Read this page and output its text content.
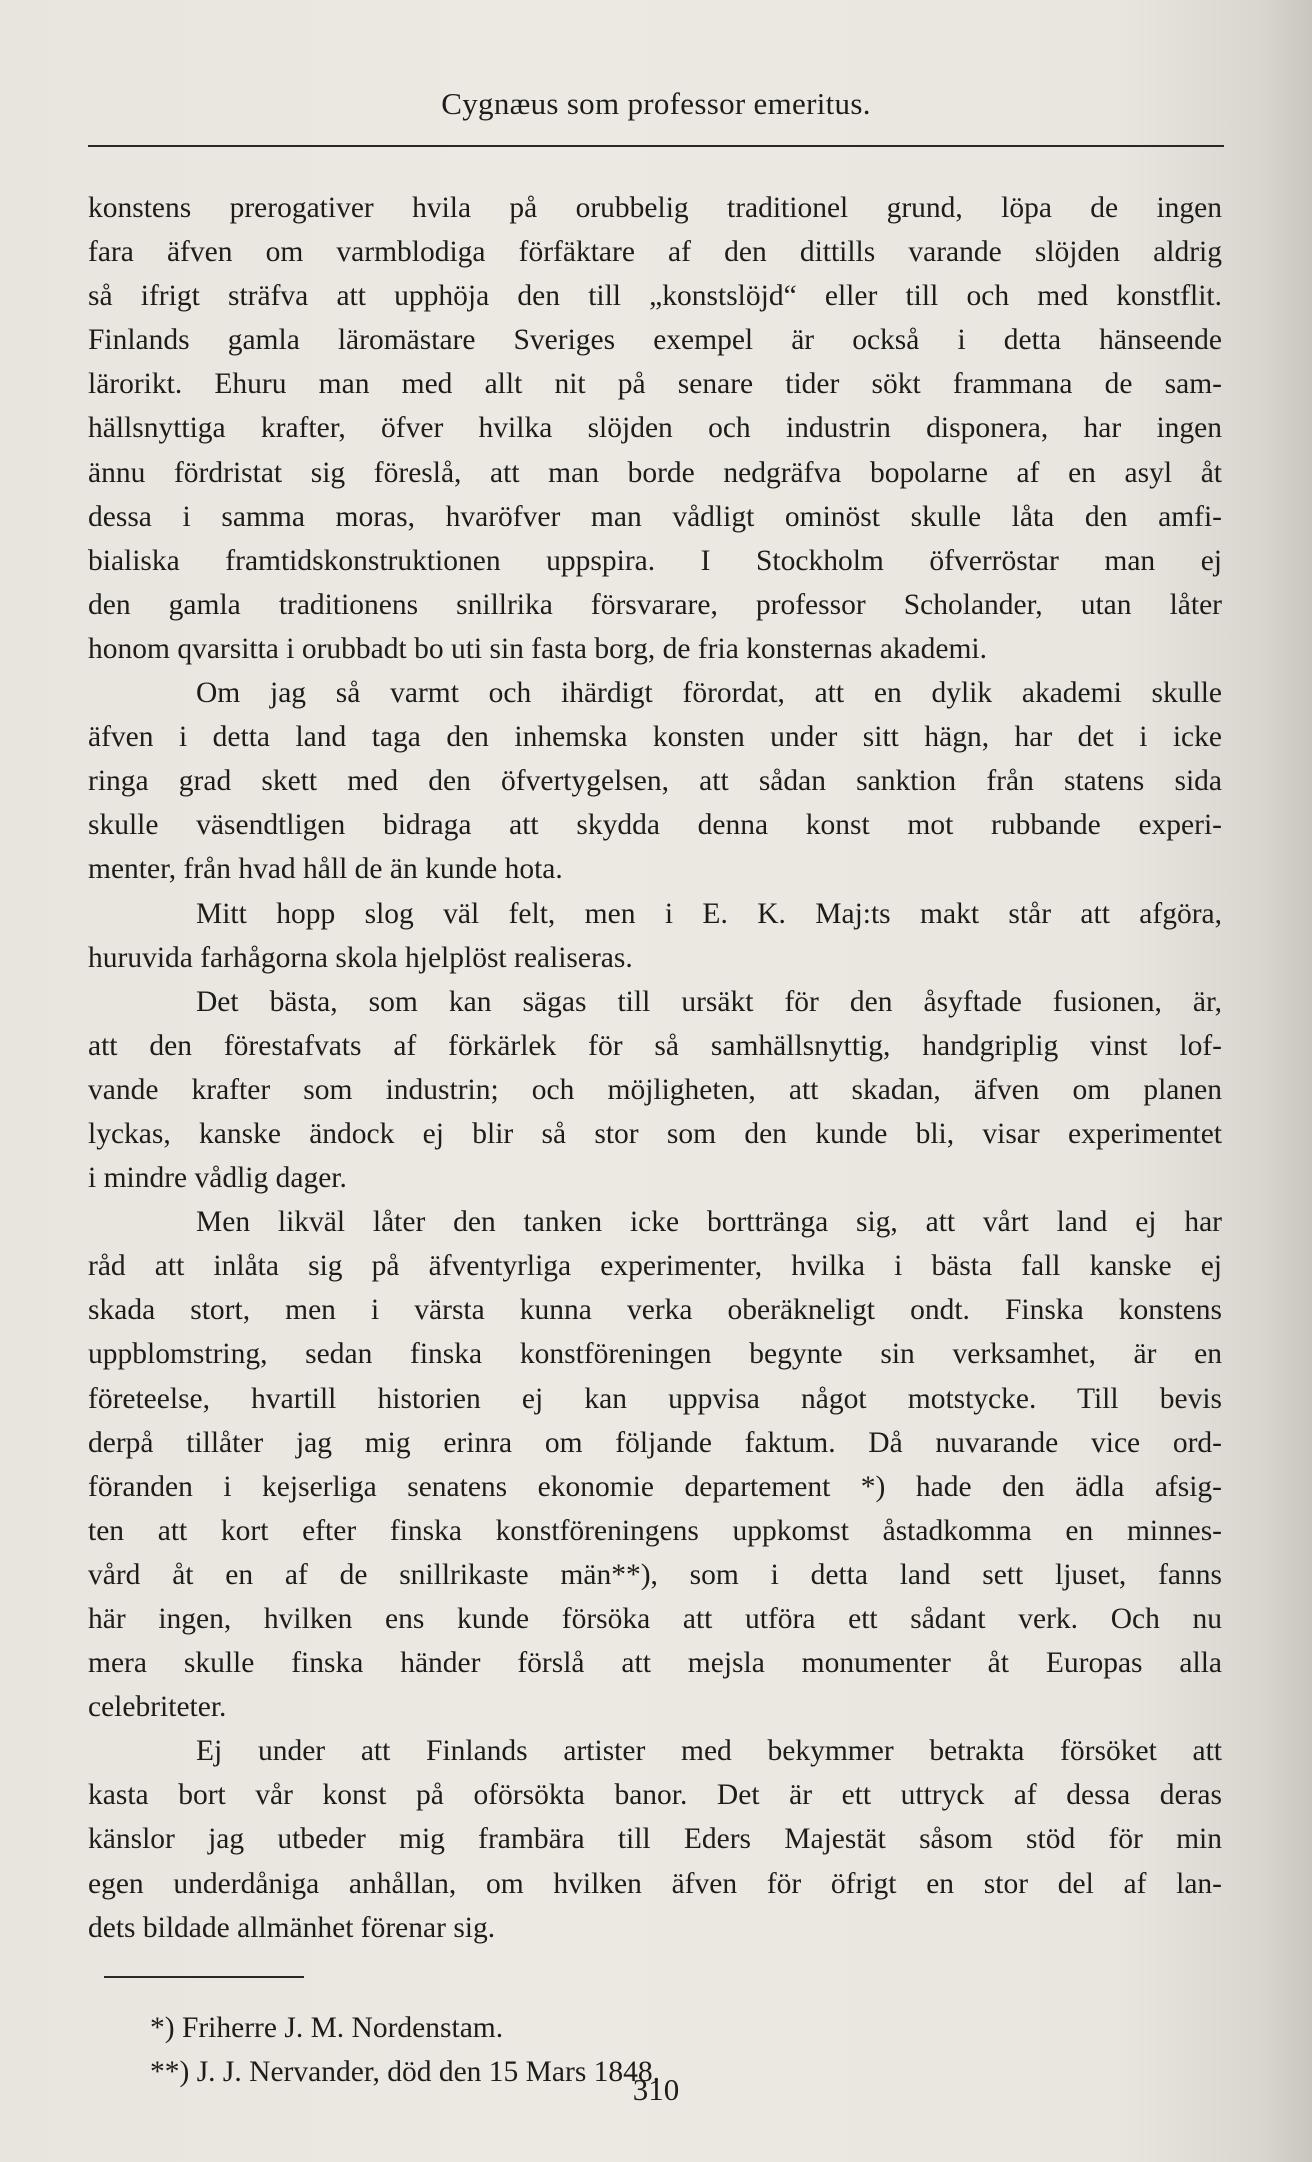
Cygnæus som professor emeritus.
konstens prerogativer hvila på orubbelig traditionel grund, löpa de ingen
fara äfven om varmblodiga förfäktare af den dittills varande slöjden aldrig
så ifrigt sträfva att upphöja den till „konstslöjd“ eller till och med konstflit.
Finlands gamla läromästare Sveriges exempel är också i detta hänseende
lärorikt. Ehuru man med allt nit på senare tider sökt frammana de sam-
hällsnyttiga krafter, öfver hvilka slöjden och industrin disponera, har ingen
ännu fördristat sig föreslå, att man borde nedgräfva bopolarne af en asyl åt
dessa i samma moras, hvaröfver man vådligt ominöst skulle låta den amfi-
bialiska framtidskonstruktionen uppspira. I Stockholm öfverröstar man ej
den gamla traditionens snillrika försvarare, professor Scholander, utan låter
honom qvarsitta i orubbadt bo uti sin fasta borg, de fria konsternas akademi.
Om jag så varmt och ihärdigt förordat, att en dylik akademi skulle
äfven i detta land taga den inhemska konsten under sitt hägn, har det i icke
ringa grad skett med den öfvertygelsen, att sådan sanktion från statens sida
skulle väsendtligen bidraga att skydda denna konst mot rubbande experi-
menter, från hvad håll de än kunde hota.
Mitt hopp slog väl felt, men i E. K. Maj:ts makt står att afgöra,
huruvida farhågorna skola hjelplöst realiseras.
Det bästa, som kan sägas till ursäkt för den åsyftade fusionen, är,
att den förestafvats af förkärlek för så samhällsnyttig, handgriplig vinst lof-
vande krafter som industrin; och möjligheten, att skadan, äfven om planen
lyckas, kanske ändock ej blir så stor som den kunde bli, visar experimentet
i mindre vådlig dager.
Men likväl låter den tanken icke borttränga sig, att vårt land ej har
råd att inlåta sig på äfventyrliga experimenter, hvilka i bästa fall kanske ej
skada stort, men i värsta kunna verka oberäkneligt ondt. Finska konstens
uppblomstring, sedan finska konstföreningen begynte sin verksamhet, är en
företeelse, hvartill historien ej kan uppvisa något motstycke. Till bevis
derpå tillåter jag mig erinra om följande faktum. Då nuvarande vice ord-
föranden i kejserliga senatens ekonomie departement *) hade den ädla afsig-
ten att kort efter finska konstföreningens uppkomst åstadkomma en minnes-
vård åt en af de snillrikaste män**), som i detta land sett ljuset, fanns
här ingen, hvilken ens kunde försöka att utföra ett sådant verk. Och nu
mera skulle finska händer förslå att mejsla monumenter åt Europas alla
celebriteter.
Ej under att Finlands artister med bekymmer betrakta försöket att
kasta bort vår konst på oförsökta banor. Det är ett uttryck af dessa deras
känslor jag utbeder mig frambära till Eders Majestät såsom stöd för min
egen underdåniga anhållan, om hvilken äfven för öfrigt en stor del af lan-
dets bildade allmänhet förenar sig.
*) Friherre J. M. Nordenstam.
**) J. J. Nervander, död den 15 Mars 1848.
310
